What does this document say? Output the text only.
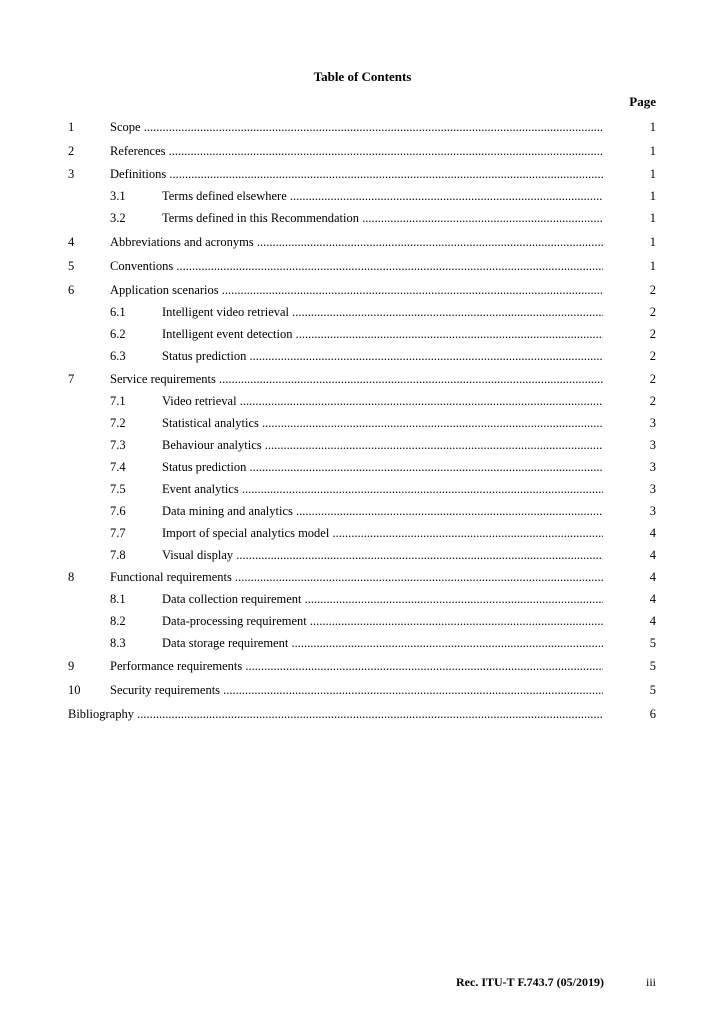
Table of Contents
Page
1	Scope .....	1
2	References .....	1
3	Definitions .....	1
3.1	Terms defined elsewhere .....	1
3.2	Terms defined in this Recommendation .....	1
4	Abbreviations and acronyms .....	1
5	Conventions .....	1
6	Application scenarios .....	2
6.1	Intelligent video retrieval .....	2
6.2	Intelligent event detection .....	2
6.3	Status prediction .....	2
7	Service requirements .....	2
7.1	Video retrieval .....	2
7.2	Statistical analytics .....	3
7.3	Behaviour analytics .....	3
7.4	Status prediction .....	3
7.5	Event analytics .....	3
7.6	Data mining and analytics .....	3
7.7	Import of special analytics model .....	4
7.8	Visual display .....	4
8	Functional requirements .....	4
8.1	Data collection requirement .....	4
8.2	Data-processing requirement .....	4
8.3	Data storage requirement .....	5
9	Performance requirements .....	5
10 Security requirements .....	5
Bibliography .....	6
Rec. ITU-T F.743.7 (05/2019)	iii
